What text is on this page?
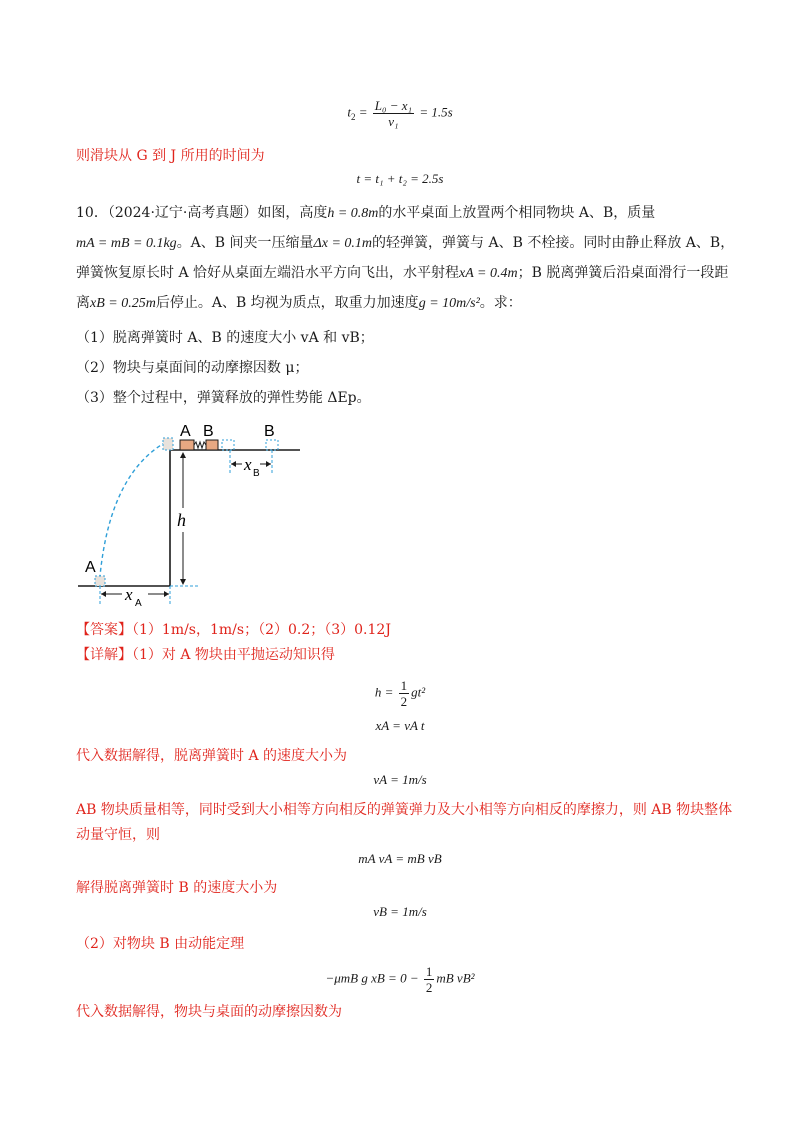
$t_2 = \frac{\text{L₀ − x₁}}{\text{v₁}} = 1.5s$
则滑块从 G 到 J 所用的时间为
t = t₁ + t₂ = 2.5s
10．（2024·辽宁·高考真题）如图，高度h = 0.8m的水平桌面上放置两个相同物块 A、B，质量
mA = mB = 0.1kg。A、B 间夹一压缩量Δx = 0.1m的轻弹簧，弹簧与 A、B 不栓接。同时由静止释放 A、B，
弹簧恢复原长时 A 恰好从桌面左端沿水平方向飞出，水平射程xA = 0.4m；B 脱离弹簧后沿桌面滑行一段距
离xB = 0.25m后停止。A、B 均视为质点，取重力加速度g = 10m/s²。求：
（1）脱离弹簧时 A、B 的速度大小 vA 和 vB；
（2）物块与桌面间的动摩擦因数 μ；
（3）整个过程中，弹簧释放的弹性势能 ΔEp。
A B	B
x B
h
A
x A
【答案】（1）1m/s，1m/s；（2）0.2；（3）0.12J
【详解】（1）对 A 物块由平抛运动知识得
$h = \frac{1}{2} gt^2$
xA = vA t
代入数据解得，脱离弹簧时 A 的速度大小为
vA = 1m/s
AB 物块质量相等，同时受到大小相等方向相反的弹簧弹力及大小相等方向相反的摩擦力，则 AB 物块整体
动量守恒，则
mA vA = mB vB
解得脱离弹簧时 B 的速度大小为
vB = 1m/s
（2）对物块 B 由动能定理
−μmB g xB = $0 - \frac{1}{2}$ mB vB²
代入数据解得，物块与桌面的动摩擦因数为
